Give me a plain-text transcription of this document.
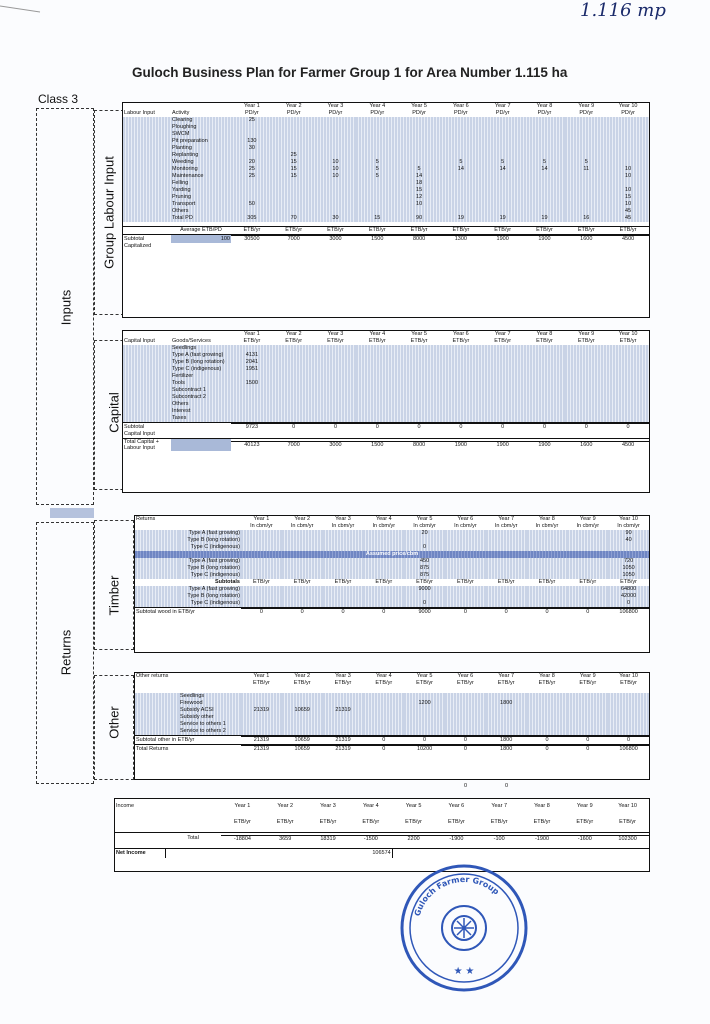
1.116 mp
Guloch Business Plan for Farmer Group 1 for Area Number 1.115 ha
Class 3
Inputs
Returns
Group Labour Input
Capital
Timber
Other
		Year 1	Year 2	Year 3	Year 4	Year 5	Year 6	Year 7	Year 8	Year 9	Year 10
Labour Input	Activity	PD/yr	PD/yr	PD/yr	PD/yr	PD/yr	PD/yr	PD/yr	PD/yr	PD/yr	PD/yr
	Clearing	25									
	Ploughing										
	SWCM										
	Pit preparation	130									
	Planting	30									
	Replanting		25								
	Weeding	20	15	10	5		5	5	5	5	
	Monitoring	25	15	10	5	5	14	14	14	11	10
	Maintenance	25	15	10	5	14					10
	Felling					18					
	Yarding					15					10
	Pruning					12					15
	Transport	50				10					10
	Others										45
	Total PD	305	70	30	15	90	19	19	19	16	45

	Average ETB/PD	ETB/yr	ETB/yr	ETB/yr	ETB/yr	ETB/yr	ETB/yr	ETB/yr	ETB/yr	ETB/yr	ETB/yr
Subtotal	100		30500	7000	3000	1500	8000	1300	1900	1900	1600	4500

Capitalized	
		Year 1	Year 2	Year 3	Year 4	Year 5	Year 6	Year 7	Year 8	Year 9	Year 10
Capital Input	Goods/Services	ETB/yr	ETB/yr	ETB/yr	ETB/yr	ETB/yr	ETB/yr	ETB/yr	ETB/yr	ETB/yr	ETB/yr
	Seedlings										
	Type A (fast growing)	4131									
	Type B (long rotation)	2041									
	Type C (indigenous)	1951									
	Fertilizer										
	Tools	1500									
	Subcontract 1										
	Subcontract 2										
	Others										
	Interest										
	Taxes										
Subtotal			9723	0	0	0	0	0	0	0	0	0

Capital Input	
Total Capital + Labour Input			40123	7000	3000	1500	8000	1900	1900	1900	1600	4500
Returns		Year 1	Year 2	Year 3	Year 4	Year 5	Year 6	Year 7	Year 8	Year 9	Year 10
		In cbm/yr	In cbm/yr	In cbm/yr	In cbm/yr	In cbm/yr	In cbm/yr	In cbm/yr	In cbm/yr	In cbm/yr	In cbm/yr
	Type A (fast growing)					20					90
	Type B (long rotation)										40
	Type C (indigenous)					0					
Assumed price/cbm
	Type A (fast growing)					450					720
	Type B (long rotation)					875					1050
	Type C (indigenous)					875					1050
	Subtotals	ETB/yr	ETB/yr	ETB/yr	ETB/yr	ETB/yr	ETB/yr	ETB/yr	ETB/yr	ETB/yr	ETB/yr
	Type A (fast growing)					9000					64800
	Type B (long rotation)										42000
	Type C (indigenous)					0					0
Subtotal wood in ETB/yr		0	0	0	0	9000	0	0	0	0	106800
Other returns		Year 1	Year 2	Year 3	Year 4	Year 5	Year 6	Year 7	Year 8	Year 9	Year 10
		ETB/yr	ETB/yr	ETB/yr	ETB/yr	ETB/yr	ETB/yr	ETB/yr	ETB/yr	ETB/yr	ETB/yr

	Seedlings										
	Firewood					1200		1800			
	Subsidy ACSI	21319	10659	21319							
	Subsidy other										
	Service to others 1										
	Service to others 2										
Subtotal other in ETB/yr		21319	10659	21319	0	0	0	1800	0	0	0

Total Returns			21319	10659	21319	0	10200	0	1800	0	0	106800
					0	0			
Income		Year 1	Year 2	Year 3	Year 4	Year 5	Year 6	Year 7	Year 8	Year 9	Year 10

		ETB/yr	ETB/yr	ETB/yr	ETB/yr	ETB/yr	ETB/yr	ETB/yr	ETB/yr	ETB/yr	ETB/yr

	Total		-18804	3659	18319	-1500	2200	-1900	-100	-1900	-1600	102300

Net Income	106574	
Guloch Farmer Group
★ ★
